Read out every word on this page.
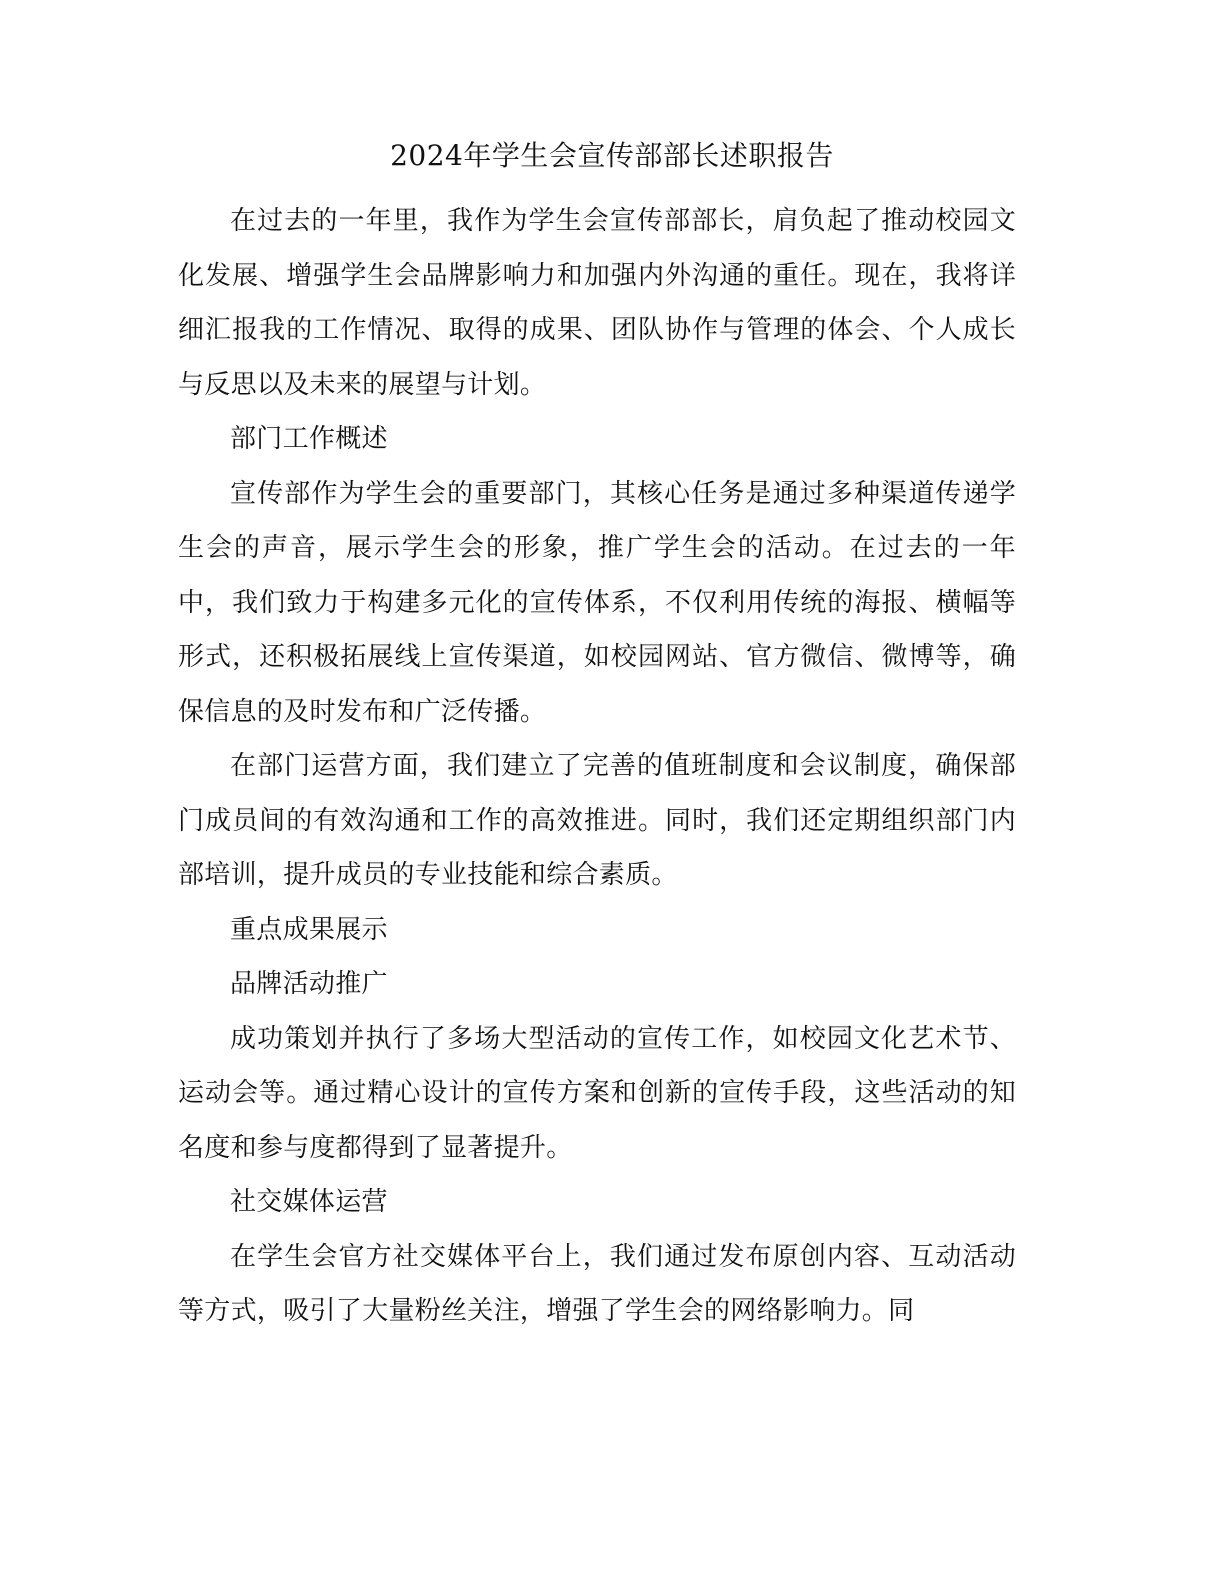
2024年学生会宣传部部长述职报告

在过去的一年里，我作为学生会宣传部部长，肩负起了推动校园文化发展、增强学生会品牌影响力和加强内外沟通的重任。现在，我将详细汇报我的工作情况、取得的成果、团队协作与管理的体会、个人成长与反思以及未来的展望与计划。

部门工作概述

宣传部作为学生会的重要部门，其核心任务是通过多种渠道传递学生会的声音，展示学生会的形象，推广学生会的活动。在过去的一年中，我们致力于构建多元化的宣传体系，不仅利用传统的海报、横幅等形式，还积极拓展线上宣传渠道，如校园网站、官方微信、微博等，确保信息的及时发布和广泛传播。

在部门运营方面，我们建立了完善的值班制度和会议制度，确保部门成员间的有效沟通和工作的高效推进。同时，我们还定期组织部门内部培训，提升成员的专业技能和综合素质。

重点成果展示

品牌活动推广

成功策划并执行了多场大型活动的宣传工作，如校园文化艺术节、运动会等。通过精心设计的宣传方案和创新的宣传手段，这些活动的知名度和参与度都得到了显著提升。

社交媒体运营

在学生会官方社交媒体平台上，我们通过发布原创内容、互动活动等方式，吸引了大量粉丝关注，增强了学生会的网络影响力。同
